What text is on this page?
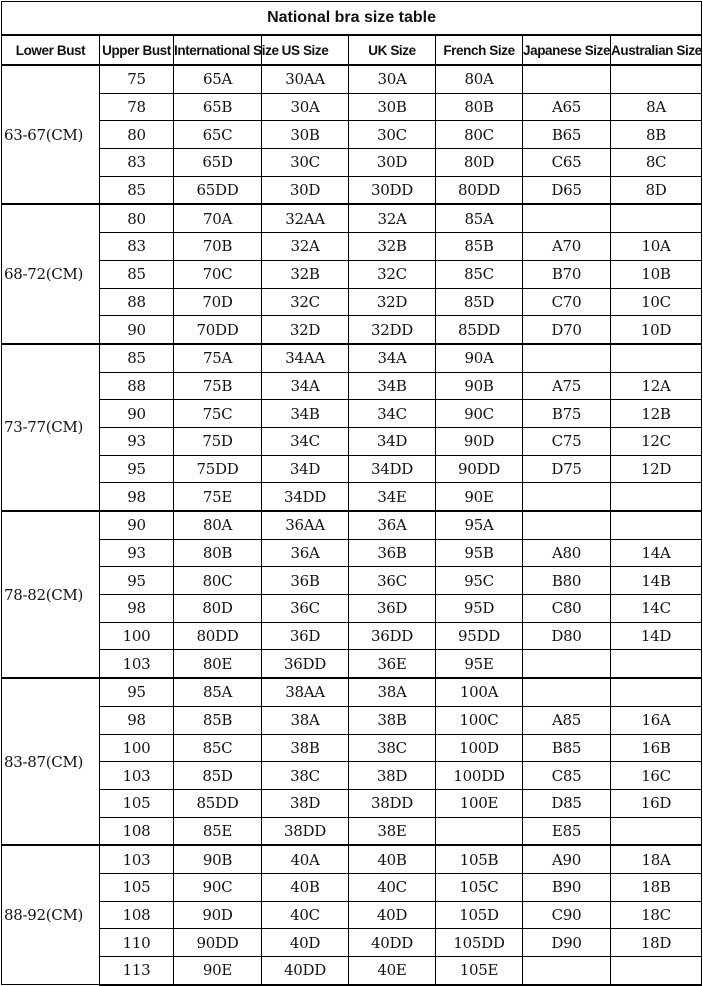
National bra size table							
Lower Bust	Upper Bust	International Size	US Size	UK Size	French Size	Japanese Size	Australian Size
63-67(CM)	75	65A	30AA	30A	80A		
	78	65B	30A	30B	80B	A65	8A
	80	65C	30B	30C	80C	B65	8B
	83	65D	30C	30D	80D	C65	8C
	85	65DD	30D	30DD	80DD	D65	8D
68-72(CM)	80	70A	32AA	32A	85A		
	83	70B	32A	32B	85B	A70	10A
	85	70C	32B	32C	85C	B70	10B
	88	70D	32C	32D	85D	C70	10C
	90	70DD	32D	32DD	85DD	D70	10D
73-77(CM)	85	75A	34AA	34A	90A		
	88	75B	34A	34B	90B	A75	12A
	90	75C	34B	34C	90C	B75	12B
	93	75D	34C	34D	90D	C75	12C
	95	75DD	34D	34DD	90DD	D75	12D
	98	75E	34DD	34E	90E		
78-82(CM)	90	80A	36AA	36A	95A		
	93	80B	36A	36B	95B	A80	14A
	95	80C	36B	36C	95C	B80	14B
	98	80D	36C	36D	95D	C80	14C
	100	80DD	36D	36DD	95DD	D80	14D
	103	80E	36DD	36E	95E		
83-87(CM)	95	85A	38AA	38A	100A		
	98	85B	38A	38B	100C	A85	16A
	100	85C	38B	38C	100D	B85	16B
	103	85D	38C	38D	100DD	C85	16C
	105	85DD	38D	38DD	100E	D85	16D
	108	85E	38DD	38E		E85	
88-92(CM)	103	90B	40A	40B	105B	A90	18A
	105	90C	40B	40C	105C	B90	18B
	108	90D	40C	40D	105D	C90	18C
	110	90DD	40D	40DD	105DD	D90	18D
	113	90E	40DD	40E	105E		
